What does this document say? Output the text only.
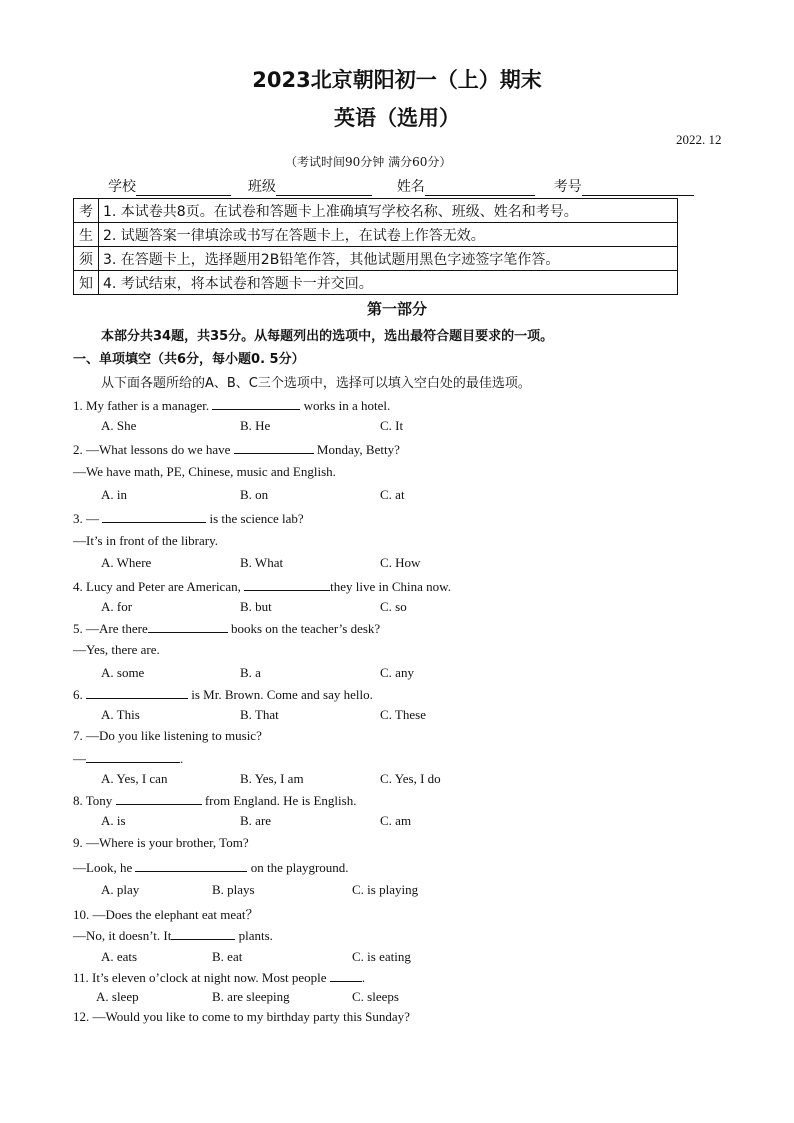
2023北京朝阳初一（上）期末
英语（选用）
2022. 12
（考试时间90分钟 满分60分）
学校	班级	姓名	考号
考	1. 本试卷共8页。在试卷和答题卡上准确填写学校名称、班级、姓名和考号。
生	2. 试题答案一律填涂或书写在答题卡上，在试卷上作答无效。
须	3. 在答题卡上，选择题用2B铅笔作答，其他试题用黑色字迹签字笔作答。
知	4. 考试结束，将本试卷和答题卡一并交回。
第一部分
本部分共34题，共35分。从每题列出的选项中，选出最符合题目要求的一项。
一、单项填空（共6分，每小题0. 5分）
从下面各题所给的A、B、C三个选项中，选择可以填入空白处的最佳选项。
1. My father is a manager.	works in a hotel.
A. She	B. He	C. It
2. —What lessons do we have	Monday, Betty?
—We have math, PE, Chinese, music and English.
A. in	B. on	C. at
3. —	is the science lab?
—It’s in front of the library.
A. Where	B. What	C. How
4. Lucy and Peter are American,	they live in China now.
A. for	B. but	C. so
5. —Are there	books on the teacher’s desk?
—Yes, there are.
A. some	B. a	C. any
6.	is Mr. Brown. Come and say hello.
A. This	B. That	C. These
7. —Do you like listening to music?
—	.
A. Yes, I can	B. Yes, I am	C. Yes, I do
8. Tony	from England. He is English.
A. is	B. are	C. am
9. —Where is your brother, Tom?
—Look, he	on the playground.
A. play	B. plays	C. is playing
10. —Does the elephant eat meat？
—No, it doesn’t. It	plants.
A. eats	B. eat	C. is eating
11. It’s eleven o’clock at night now. Most people .
A. sleep	B. are sleeping	C. sleeps
12. —Would you like to come to my birthday party this Sunday?
